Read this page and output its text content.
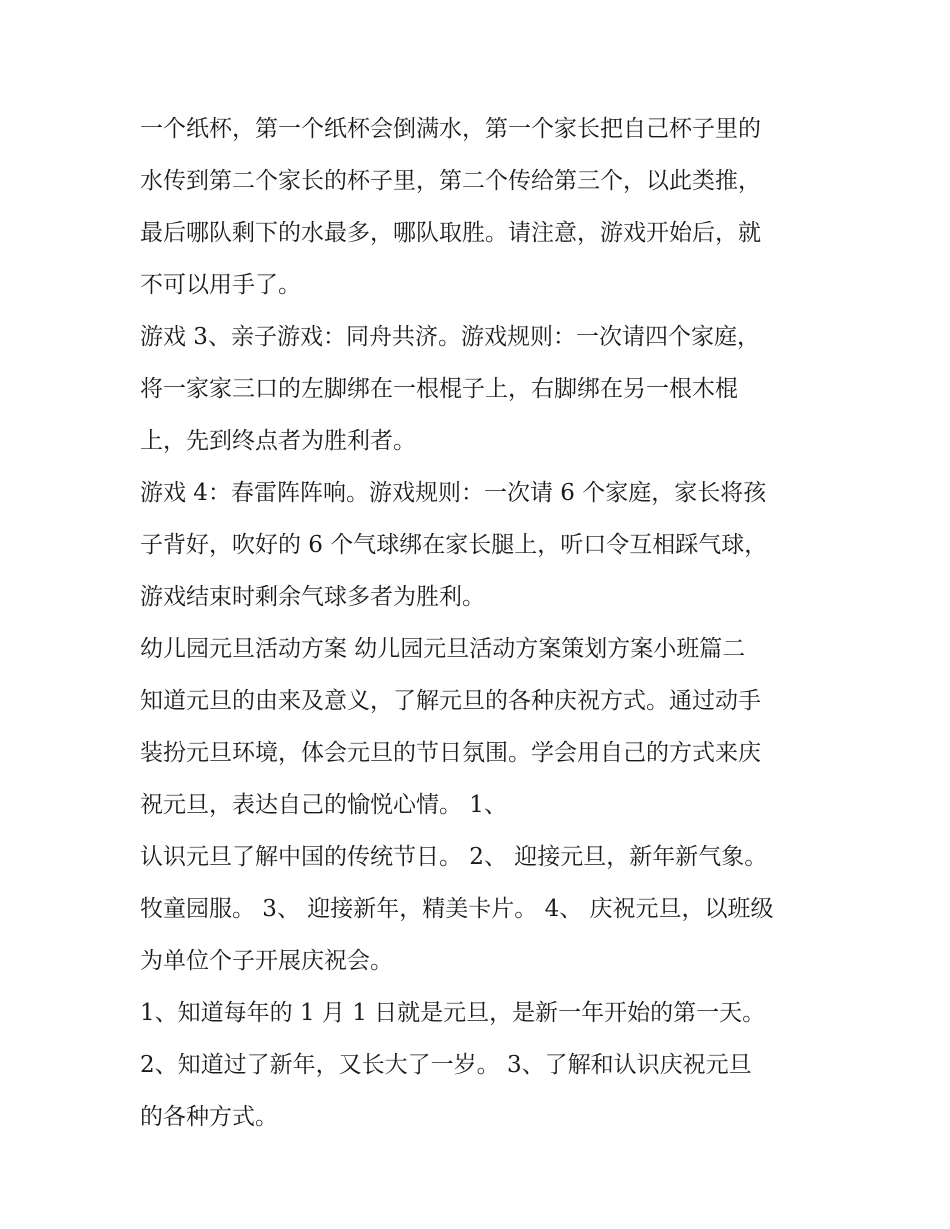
一个纸杯，第一个纸杯会倒满水，第一个家长把自己杯子里的
水传到第二个家长的杯子里，第二个传给第三个，以此类推，
最后哪队剩下的水最多，哪队取胜。请注意，游戏开始后，就
不可以用手了。
游戏 3、亲子游戏：同舟共济。游戏规则：一次请四个家庭，
将一家家三口的左脚绑在一根棍子上，右脚绑在另一根木棍
上，先到终点者为胜利者。
游戏 4：春雷阵阵响。游戏规则：一次请 6 个家庭，家长将孩
子背好，吹好的 6 个气球绑在家长腿上，听口令互相踩气球，
游戏结束时剩余气球多者为胜利。
幼儿园元旦活动方案 幼儿园元旦活动方案策划方案小班篇二
知道元旦的由来及意义，了解元旦的各种庆祝方式。通过动手
装扮元旦环境，体会元旦的节日氛围。学会用自己的方式来庆
祝元旦，表达自己的愉悦心情。 1、
认识元旦了解中国的传统节日。 2、 迎接元旦，新年新气象。
牧童园服。 3、 迎接新年，精美卡片。 4、 庆祝元旦，以班级
为单位个子开展庆祝会。
1、知道每年的 1 月 1 日就是元旦，是新一年开始的第一天。
2、知道过了新年，又长大了一岁。 3、了解和认识庆祝元旦
的各种方式。
